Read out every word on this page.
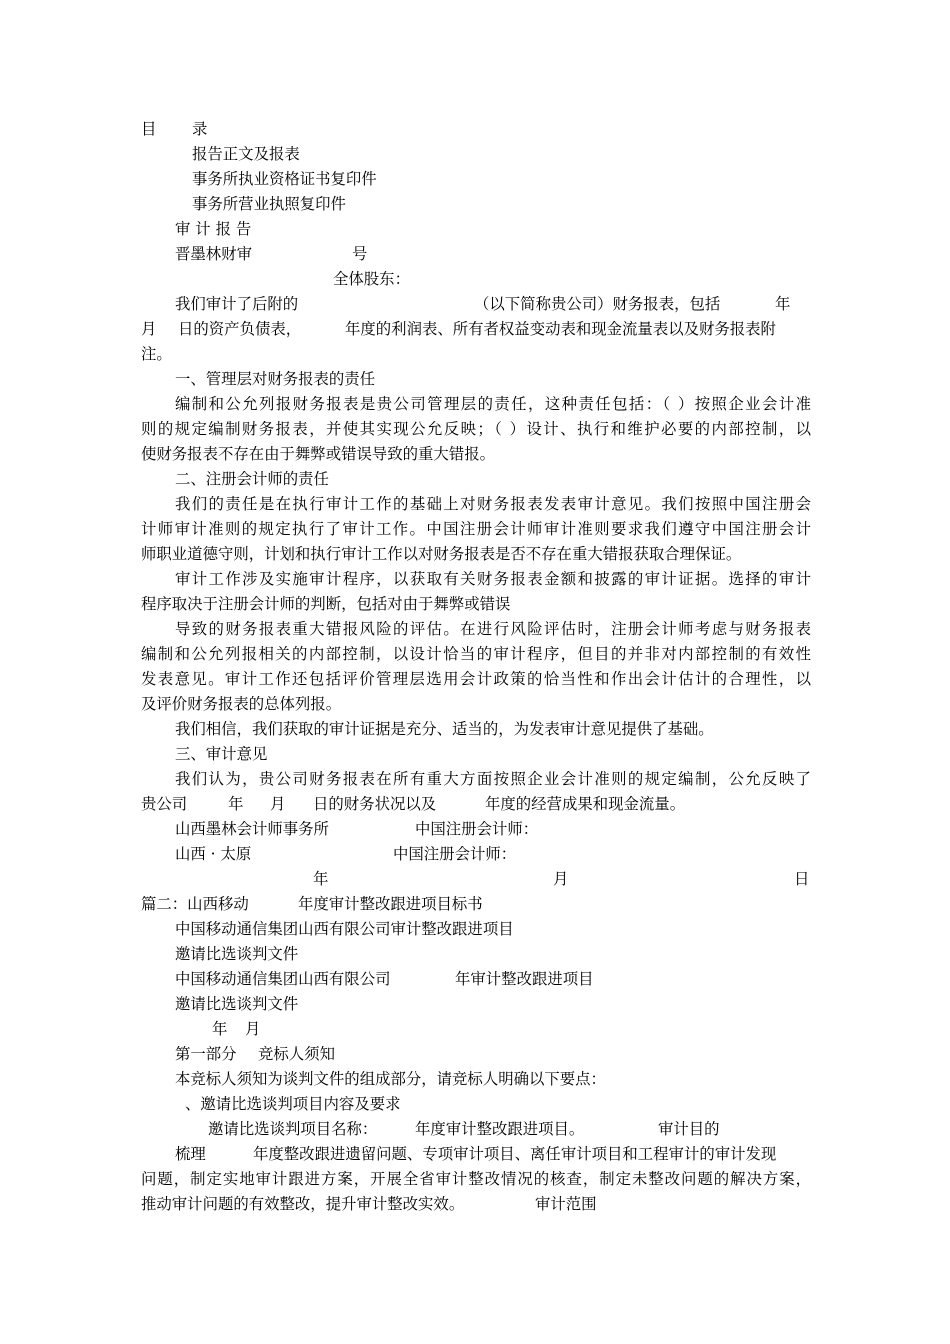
目 录
报告正文及报表
事务所执业资格证书复印件
事务所营业执照复印件
审 计 报 告
晋墨林财审	号
全体股东：
我们审计了后附的	（以下简称贵公司）财务报表，包括	年
月 日的资产负债表，	年度的利润表、所有者权益变动表和现金流量表以及财务报表附
注。
一、管理层对财务报表的责任
编制和公允列报财务报表是贵公司管理层的责任，这种责任包括：（ ）按照企业会计准
则的规定编制财务报表，并使其实现公允反映；（ ）设计、执行和维护必要的内部控制，以
使财务报表不存在由于舞弊或错误导致的重大错报。
二、注册会计师的责任
我们的责任是在执行审计工作的基础上对财务报表发表审计意见。我们按照中国注册会
计师审计准则的规定执行了审计工作。中国注册会计师审计准则要求我们遵守中国注册会计
师职业道德守则，计划和执行审计工作以对财务报表是否不存在重大错报获取合理保证。
审计工作涉及实施审计程序，以获取有关财务报表金额和披露的审计证据。选择的审计
程序取决于注册会计师的判断，包括对由于舞弊或错误
导致的财务报表重大错报风险的评估。在进行风险评估时，注册会计师考虑与财务报表
编制和公允列报相关的内部控制，以设计恰当的审计程序，但目的并非对内部控制的有效性
发表意见。审计工作还包括评价管理层选用会计政策的恰当性和作出会计估计的合理性，以
及评价财务报表的总体列报。
我们相信，我们获取的审计证据是充分、适当的，为发表审计意见提供了基础。
三、审计意见
我们认为，贵公司财务报表在所有重大方面按照企业会计准则的规定编制，公允反映了
贵公司	年 月 日的财务状况以及	年度的经营成果和现金流量。
山西墨林会计师事务所	中国注册会计师：
山西 · 太原	中国注册会计师：
年	月	日
篇二：山西移动	年度审计整改跟进项目标书
中国移动通信集团山西有限公司审计整改跟进项目
邀请比选谈判文件
中国移动通信集团山西有限公司	年审计整改跟进项目
邀请比选谈判文件
年 月
第一部分 竞标人须知
本竞标人须知为谈判文件的组成部分，请竞标人明确以下要点：
、邀请比选谈判项目内容及要求
邀请比选谈判项目名称： 年度审计整改跟进项目。	审计目的
梳理	年度整改跟进遗留问题、专项审计项目、离任审计项目和工程审计的审计发现
问题，制定实地审计跟进方案，开展全省审计整改情况的核查，制定未整改问题的解决方案，
推动审计问题的有效整改，提升审计整改实效。	审计范围
